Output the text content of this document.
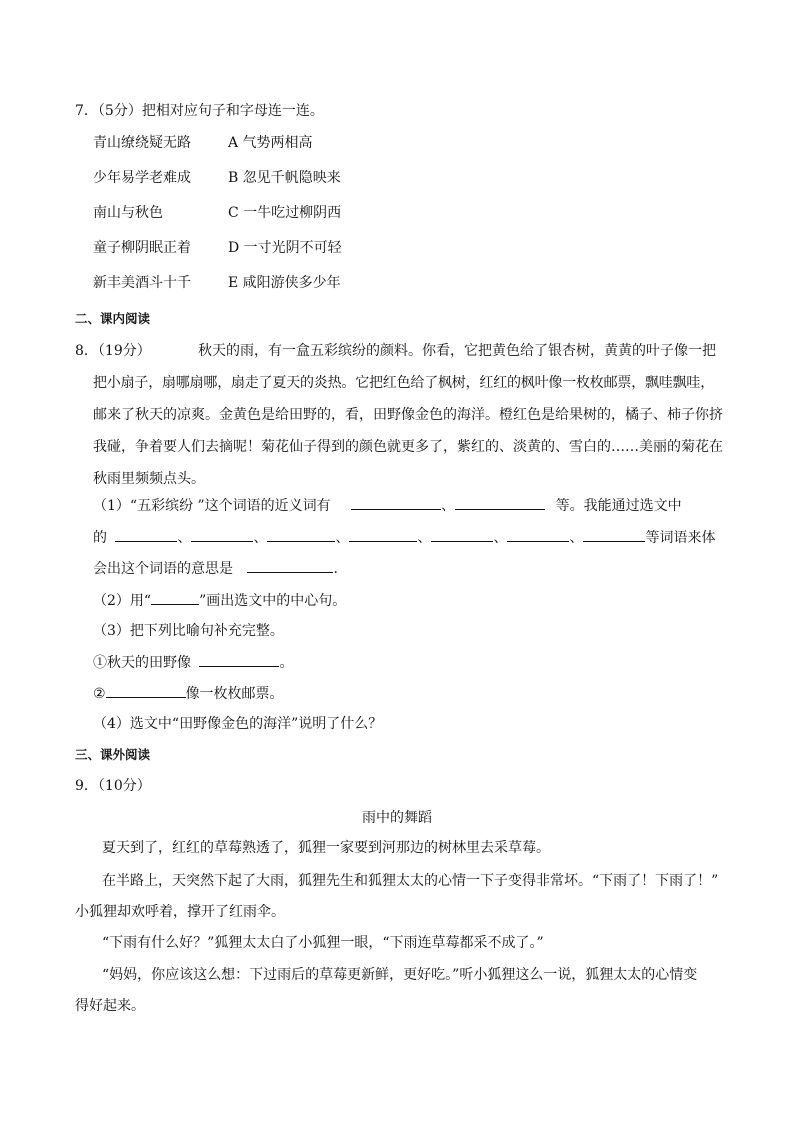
7．（5分）把相对应句子和字母连一连。
青山缭绕疑无路	A 气势两相高
少年易学老难成	B 忽见千帆隐映来
南山与秋色	C 一牛吃过柳阴西
童子柳阴眠正着	D 一寸光阴不可轻
新丰美酒斗十千	E 咸阳游侠多少年
二、课内阅读
8．（19分）	秋天的雨，有一盒五彩缤纷的颜料。你看，它把黄色给了银杏树，黄黄的叶子像一把
把小扇子，扇哪扇哪，扇走了夏天的炎热。它把红色给了枫树，红红的枫叶像一枚枚邮票，飘哇飘哇，
邮来了秋天的凉爽。金黄色是给田野的，看，田野像金色的海洋。橙红色是给果树的，橘子、柿子你挤
我碰，争着要人们去摘呢！菊花仙子得到的颜色就更多了，紫红的、淡黄的、雪白的……美丽的菊花在
秋雨里频频点头。
（1）“五彩缤纷 ”这个词语的近义词有	、	等。我能通过选文中
的	、	、	、	、	、	、	等词语来体
会出这个词语的意思是	.
（2）用“	”画出选文中的中心句。
（3）把下列比喻句补充完整。
①秋天的田野像	。
②	像一枚枚邮票。
（4）选文中“田野像金色的海洋”说明了什么？
三、课外阅读
9．（10分）
雨中的舞蹈
夏天到了，红红的草莓熟透了，狐狸一家要到河那边的树林里去采草莓。
在半路上，天突然下起了大雨，狐狸先生和狐狸太太的心情一下子变得非常坏。“下雨了！下雨了！”
小狐狸却欢呼着，撑开了红雨伞。
“下雨有什么好？”狐狸太太白了小狐狸一眼，“下雨连草莓都采不成了。”
“妈妈，你应该这么想：下过雨后的草莓更新鲜，更好吃。”听小狐狸这么一说，狐狸太太的心情变
得好起来。
